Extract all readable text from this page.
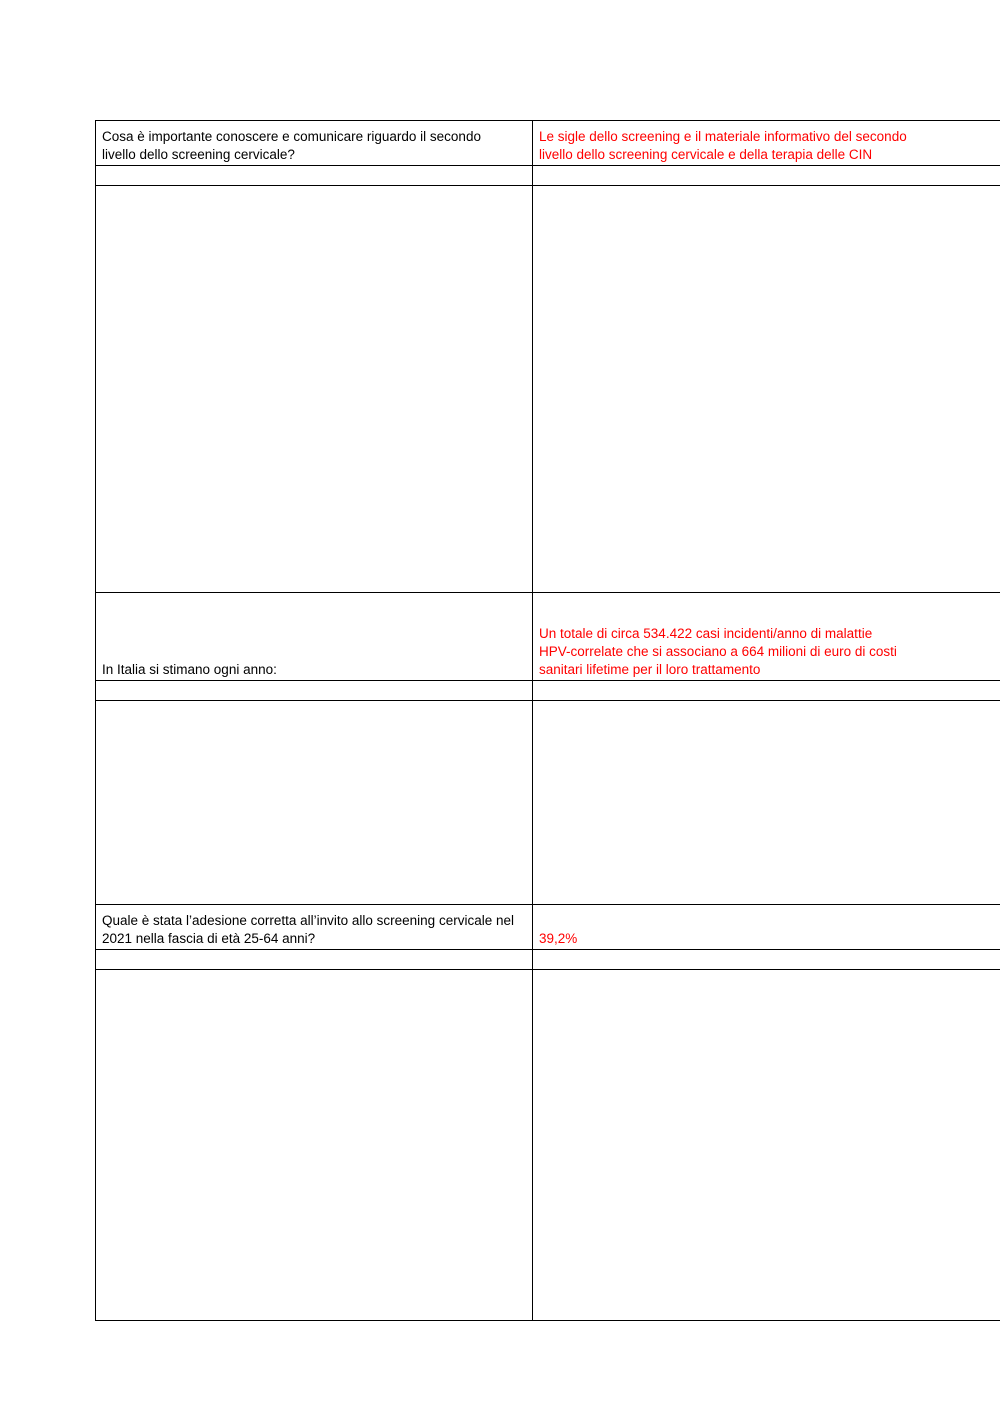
Cosa è importante conoscere e comunicare riguardo il secondo
livello dello screening cervicale?	Le sigle dello screening e il materiale informativo del secondo
livello dello screening cervicale e della terapia delle CIN

In Italia si stimano ogni anno:	Un totale di circa 534.422 casi incidenti/anno di malattie
HPV-correlate che si associano a 664 milioni di euro di costi
sanitari lifetime per il loro trattamento

Quale è stata l’adesione corretta all’invito allo screening cervicale nel
2021 nella fascia di età 25-64 anni?	39,2%
